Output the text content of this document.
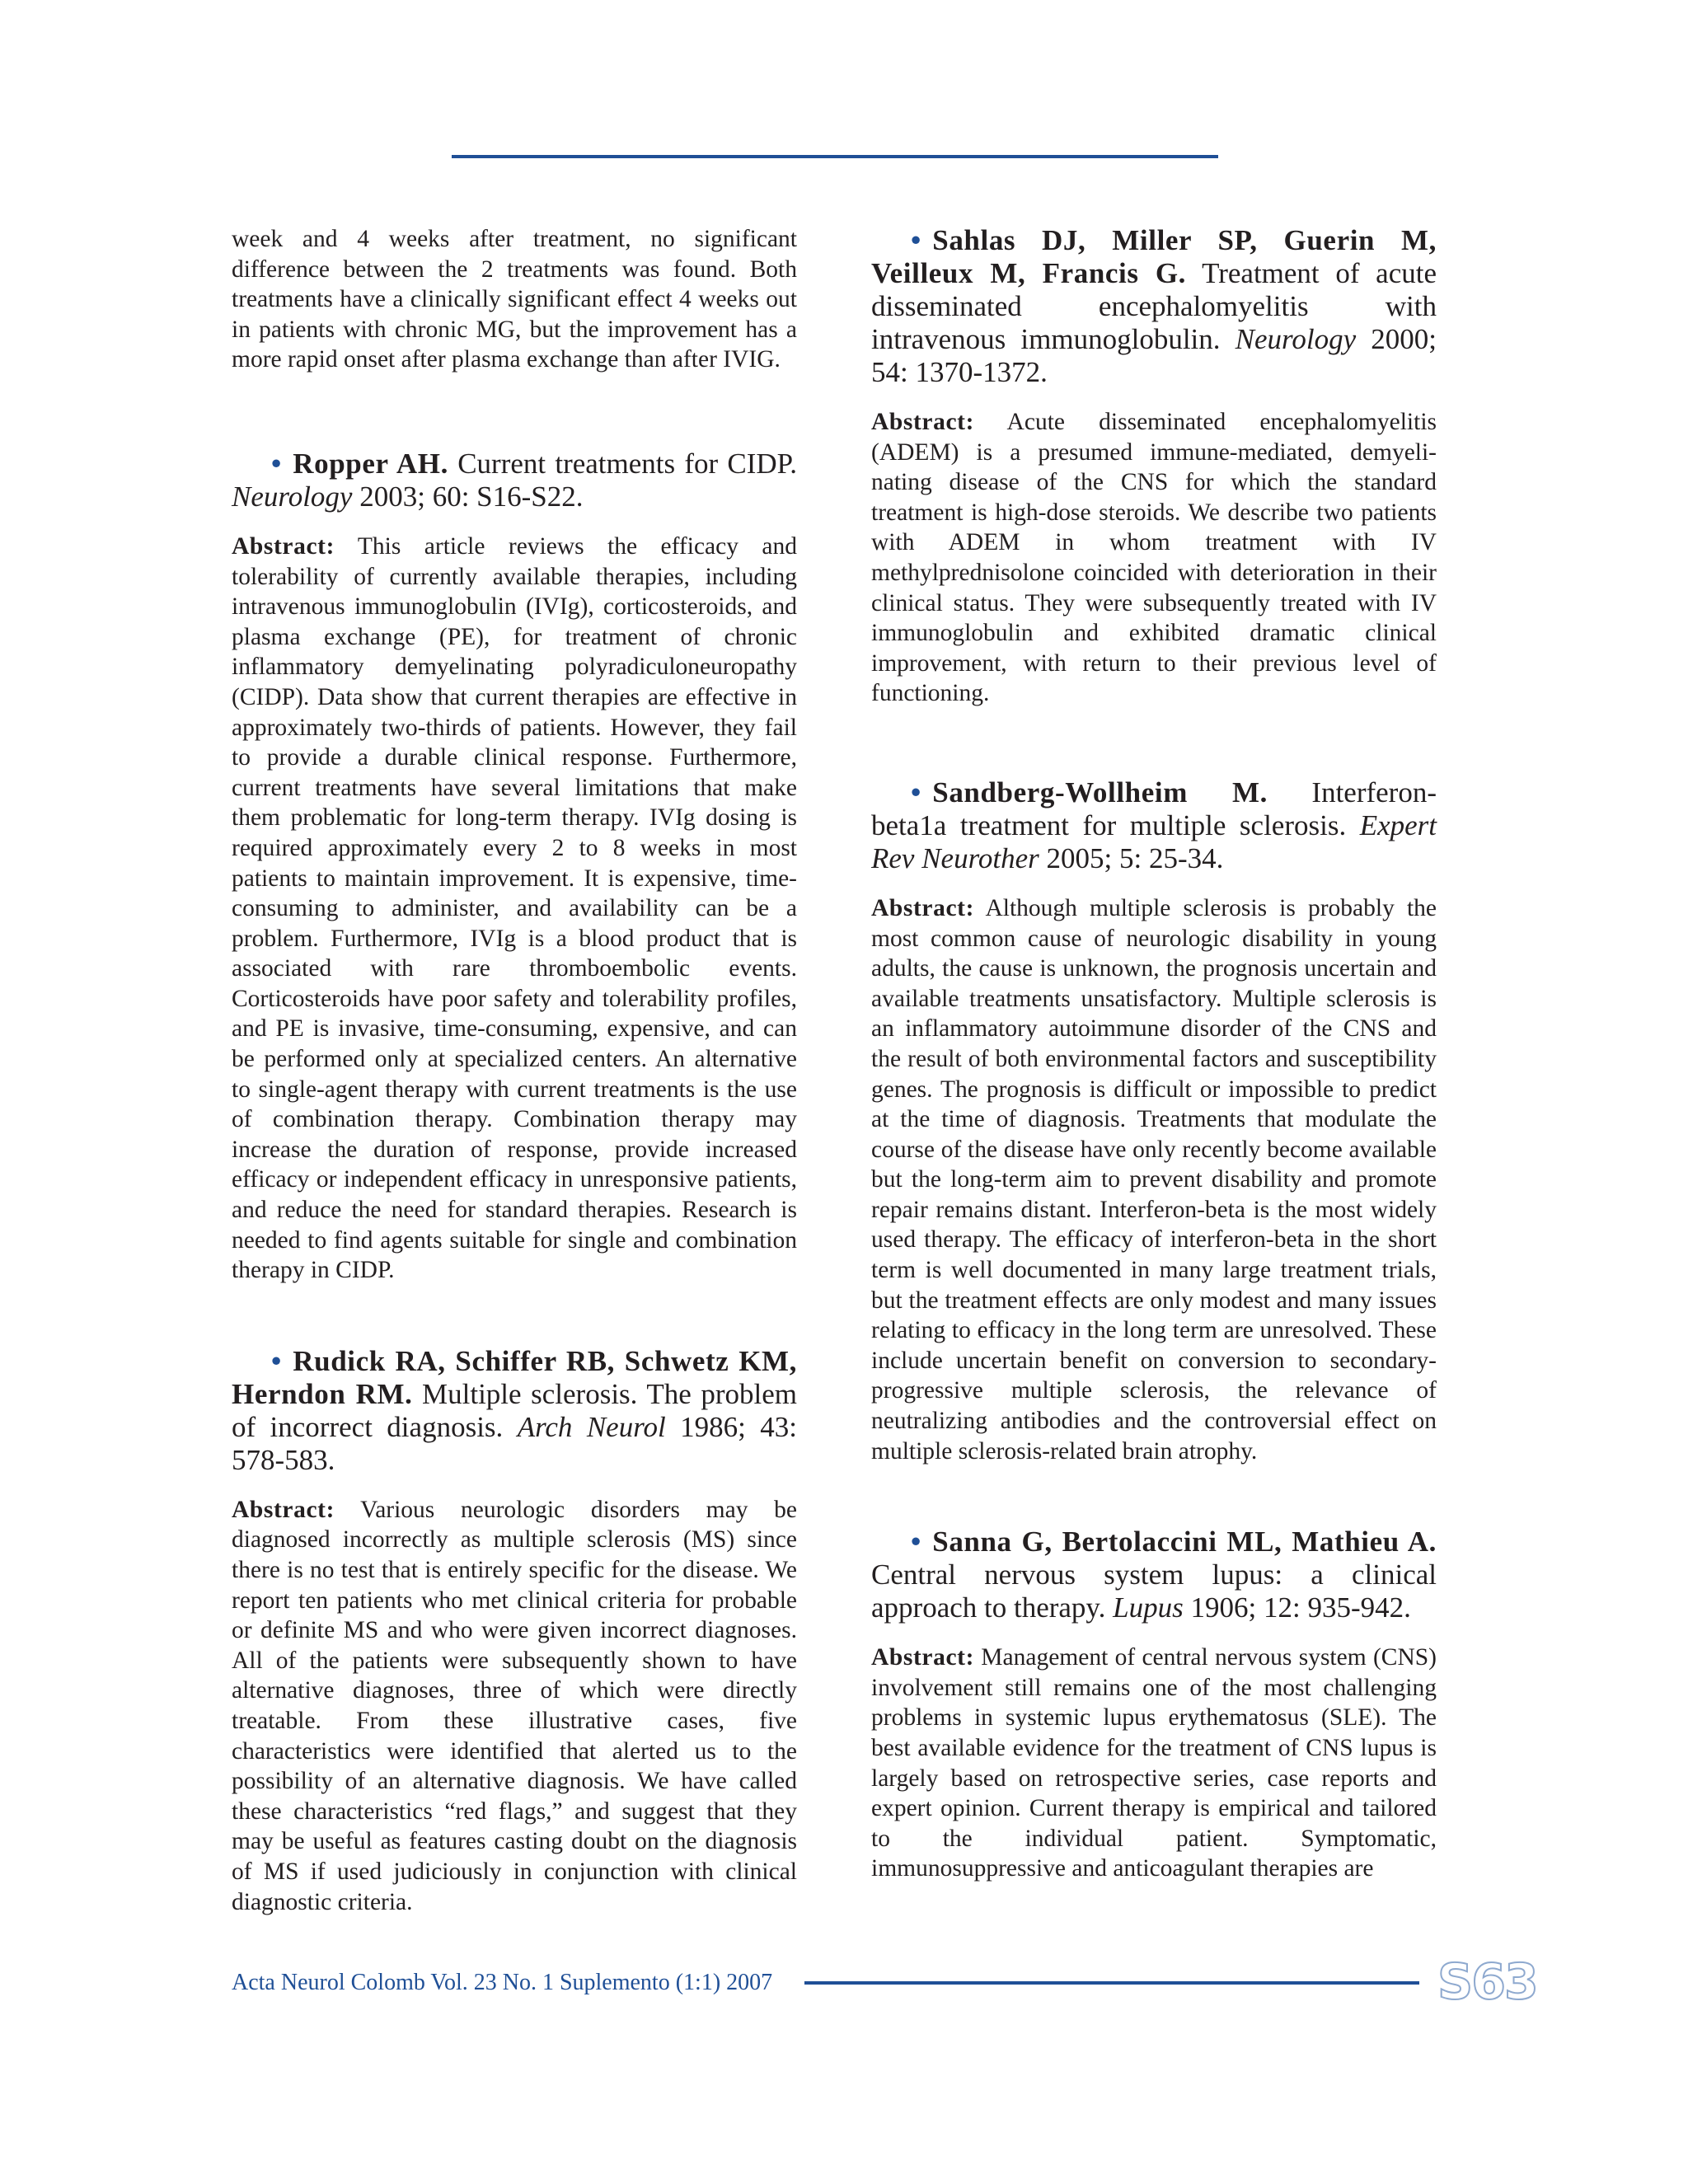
week and 4 weeks after treatment, no significant difference between the 2 treatments was found. Both treatments have a clinically significant effect 4 weeks out in patients with chronic MG, but the improvement has a more rapid onset after plasma exchange than after IVIG.

• Ropper AH. Current treatments for CIDP. Neurology 2003; 60: S16-S22.

Abstract: This article reviews the efficacy and tolerability of currently available therapies, including intravenous immunoglobulin (IVIg), corticosteroids, and plasma exchange (PE), for treatment of chronic inflammatory demyelinating polyradiculoneuropathy (CIDP). Data show that current therapies are effective in approximately two-thirds of patients. However, they fail to provide a durable clinical response. Furthermore, current treatments have several limitations that make them problematic for long-term therapy. IVIg dosing is required approximately every 2 to 8 weeks in most patients to maintain improvement. It is expensive, time-consuming to administer, and availability can be a problem. Furthermore, IVIg is a blood product that is associated with rare thromboembolic events. Corticosteroids have poor safety and tolerability profiles, and PE is invasive, time-consuming, expensive, and can be performed only at specialized centers. An alternative to single-agent therapy with current treatments is the use of combination therapy. Combination therapy may increase the duration of response, provide increased efficacy or independent efficacy in unresponsive patients, and reduce the need for standard therapies. Research is needed to find agents suitable for single and combination therapy in CIDP.

• Rudick RA, Schiffer RB, Schwetz KM, Herndon RM. Multiple sclerosis. The problem of incorrect diagnosis. Arch Neurol 1986; 43: 578-583.

Abstract: Various neurologic disorders may be diagnosed incorrectly as multiple sclerosis (MS) since there is no test that is entirely specific for the disease. We report ten patients who met clinical criteria for probable or definite MS and who were given incorrect diagnoses. All of the patients were subsequently shown to have alternative diagnoses, three of which were directly treatable. From these illustrative cases, five characteristics were identified that alerted us to the possibility of an alternative diagnosis. We have called these characteristics “red flags,” and suggest that they may be useful as features casting doubt on the diagnosis of MS if used judiciously in conjunction with clinical diagnostic criteria.

• Sahlas DJ, Miller SP, Guerin M, Veilleux M, Francis G. Treatment of acute disseminated encephalomyelitis with intravenous immunoglobulin. Neurology 2000; 54: 1370-1372.

Abstract: Acute disseminated encephalomyelitis (ADEM) is a presumed immune-mediated, demyeli-nating disease of the CNS for which the standard treatment is high-dose steroids. We describe two patients with ADEM in whom treatment with IV methylprednisolone coincided with deterioration in their clinical status. They were subsequently treated with IV immunoglobulin and exhibited dramatic clinical improvement, with return to their previous level of functioning.

• Sandberg-Wollheim M. Interferon-beta1a treatment for multiple sclerosis. Expert Rev Neurother 2005; 5: 25-34.

Abstract: Although multiple sclerosis is probably the most common cause of neurologic disability in young adults, the cause is unknown, the prognosis uncertain and available treatments unsatisfactory. Multiple sclerosis is an inflammatory autoimmune disorder of the CNS and the result of both environmental factors and susceptibility genes. The prognosis is difficult or impossible to predict at the time of diagnosis. Treatments that modulate the course of the disease have only recently become available but the long-term aim to prevent disability and promote repair remains distant. Interferon-beta is the most widely used therapy. The efficacy of interferon-beta in the short term is well documented in many large treatment trials, but the treatment effects are only modest and many issues relating to efficacy in the long term are unresolved. These include uncertain benefit on conversion to secondary-progressive multiple sclerosis, the relevance of neutralizing antibodies and the controversial effect on multiple sclerosis-related brain atrophy.

• Sanna G, Bertolaccini ML, Mathieu A. Central nervous system lupus: a clinical approach to therapy. Lupus 1906; 12: 935-942.

Abstract: Management of central nervous system (CNS) involvement still remains one of the most challenging problems in systemic lupus erythematosus (SLE). The best available evidence for the treatment of CNS lupus is largely based on retrospective series, case reports and expert opinion. Current therapy is empirical and tailored to the individual patient. Symptomatic, immunosuppressive and anticoagulant therapies are

Acta Neurol Colomb Vol. 23 No. 1 Suplemento (1:1) 2007	S63
